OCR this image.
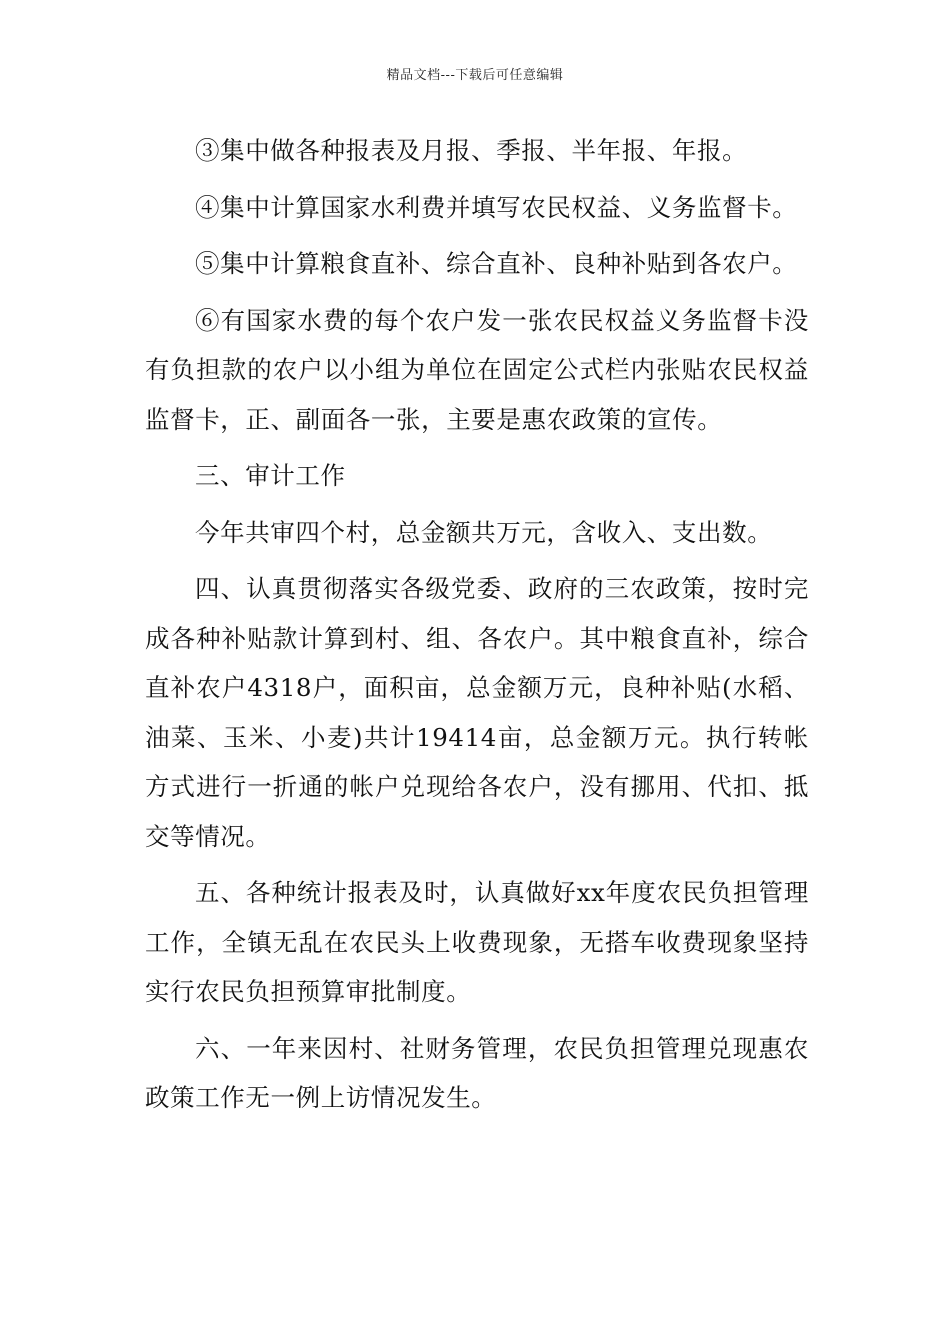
精品文档---下载后可任意编辑

③集中做各种报表及月报、季报、半年报、年报。

④集中计算国家水利费并填写农民权益、义务监督卡。

⑤集中计算粮食直补、综合直补、良种补贴到各农户。

⑥有国家水费的每个农户发一张农民权益义务监督卡没有负担款的农户以小组为单位在固定公式栏内张贴农民权益监督卡，正、副面各一张，主要是惠农政策的宣传。

三、审计工作

今年共审四个村，总金额共万元，含收入、支出数。

四、认真贯彻落实各级党委、政府的三农政策，按时完成各种补贴款计算到村、组、各农户。其中粮食直补，综合直补农户4318户，面积亩，总金额万元，良种补贴(水稻、油菜、玉米、小麦)共计19414亩，总金额万元。执行转帐方式进行一折通的帐户兑现给各农户，没有挪用、代扣、抵交等情况。

五、各种统计报表及时，认真做好xx年度农民负担管理工作，全镇无乱在农民头上收费现象，无搭车收费现象坚持实行农民负担预算审批制度。

六、一年来因村、社财务管理，农民负担管理兑现惠农政策工作无一例上访情况发生。
